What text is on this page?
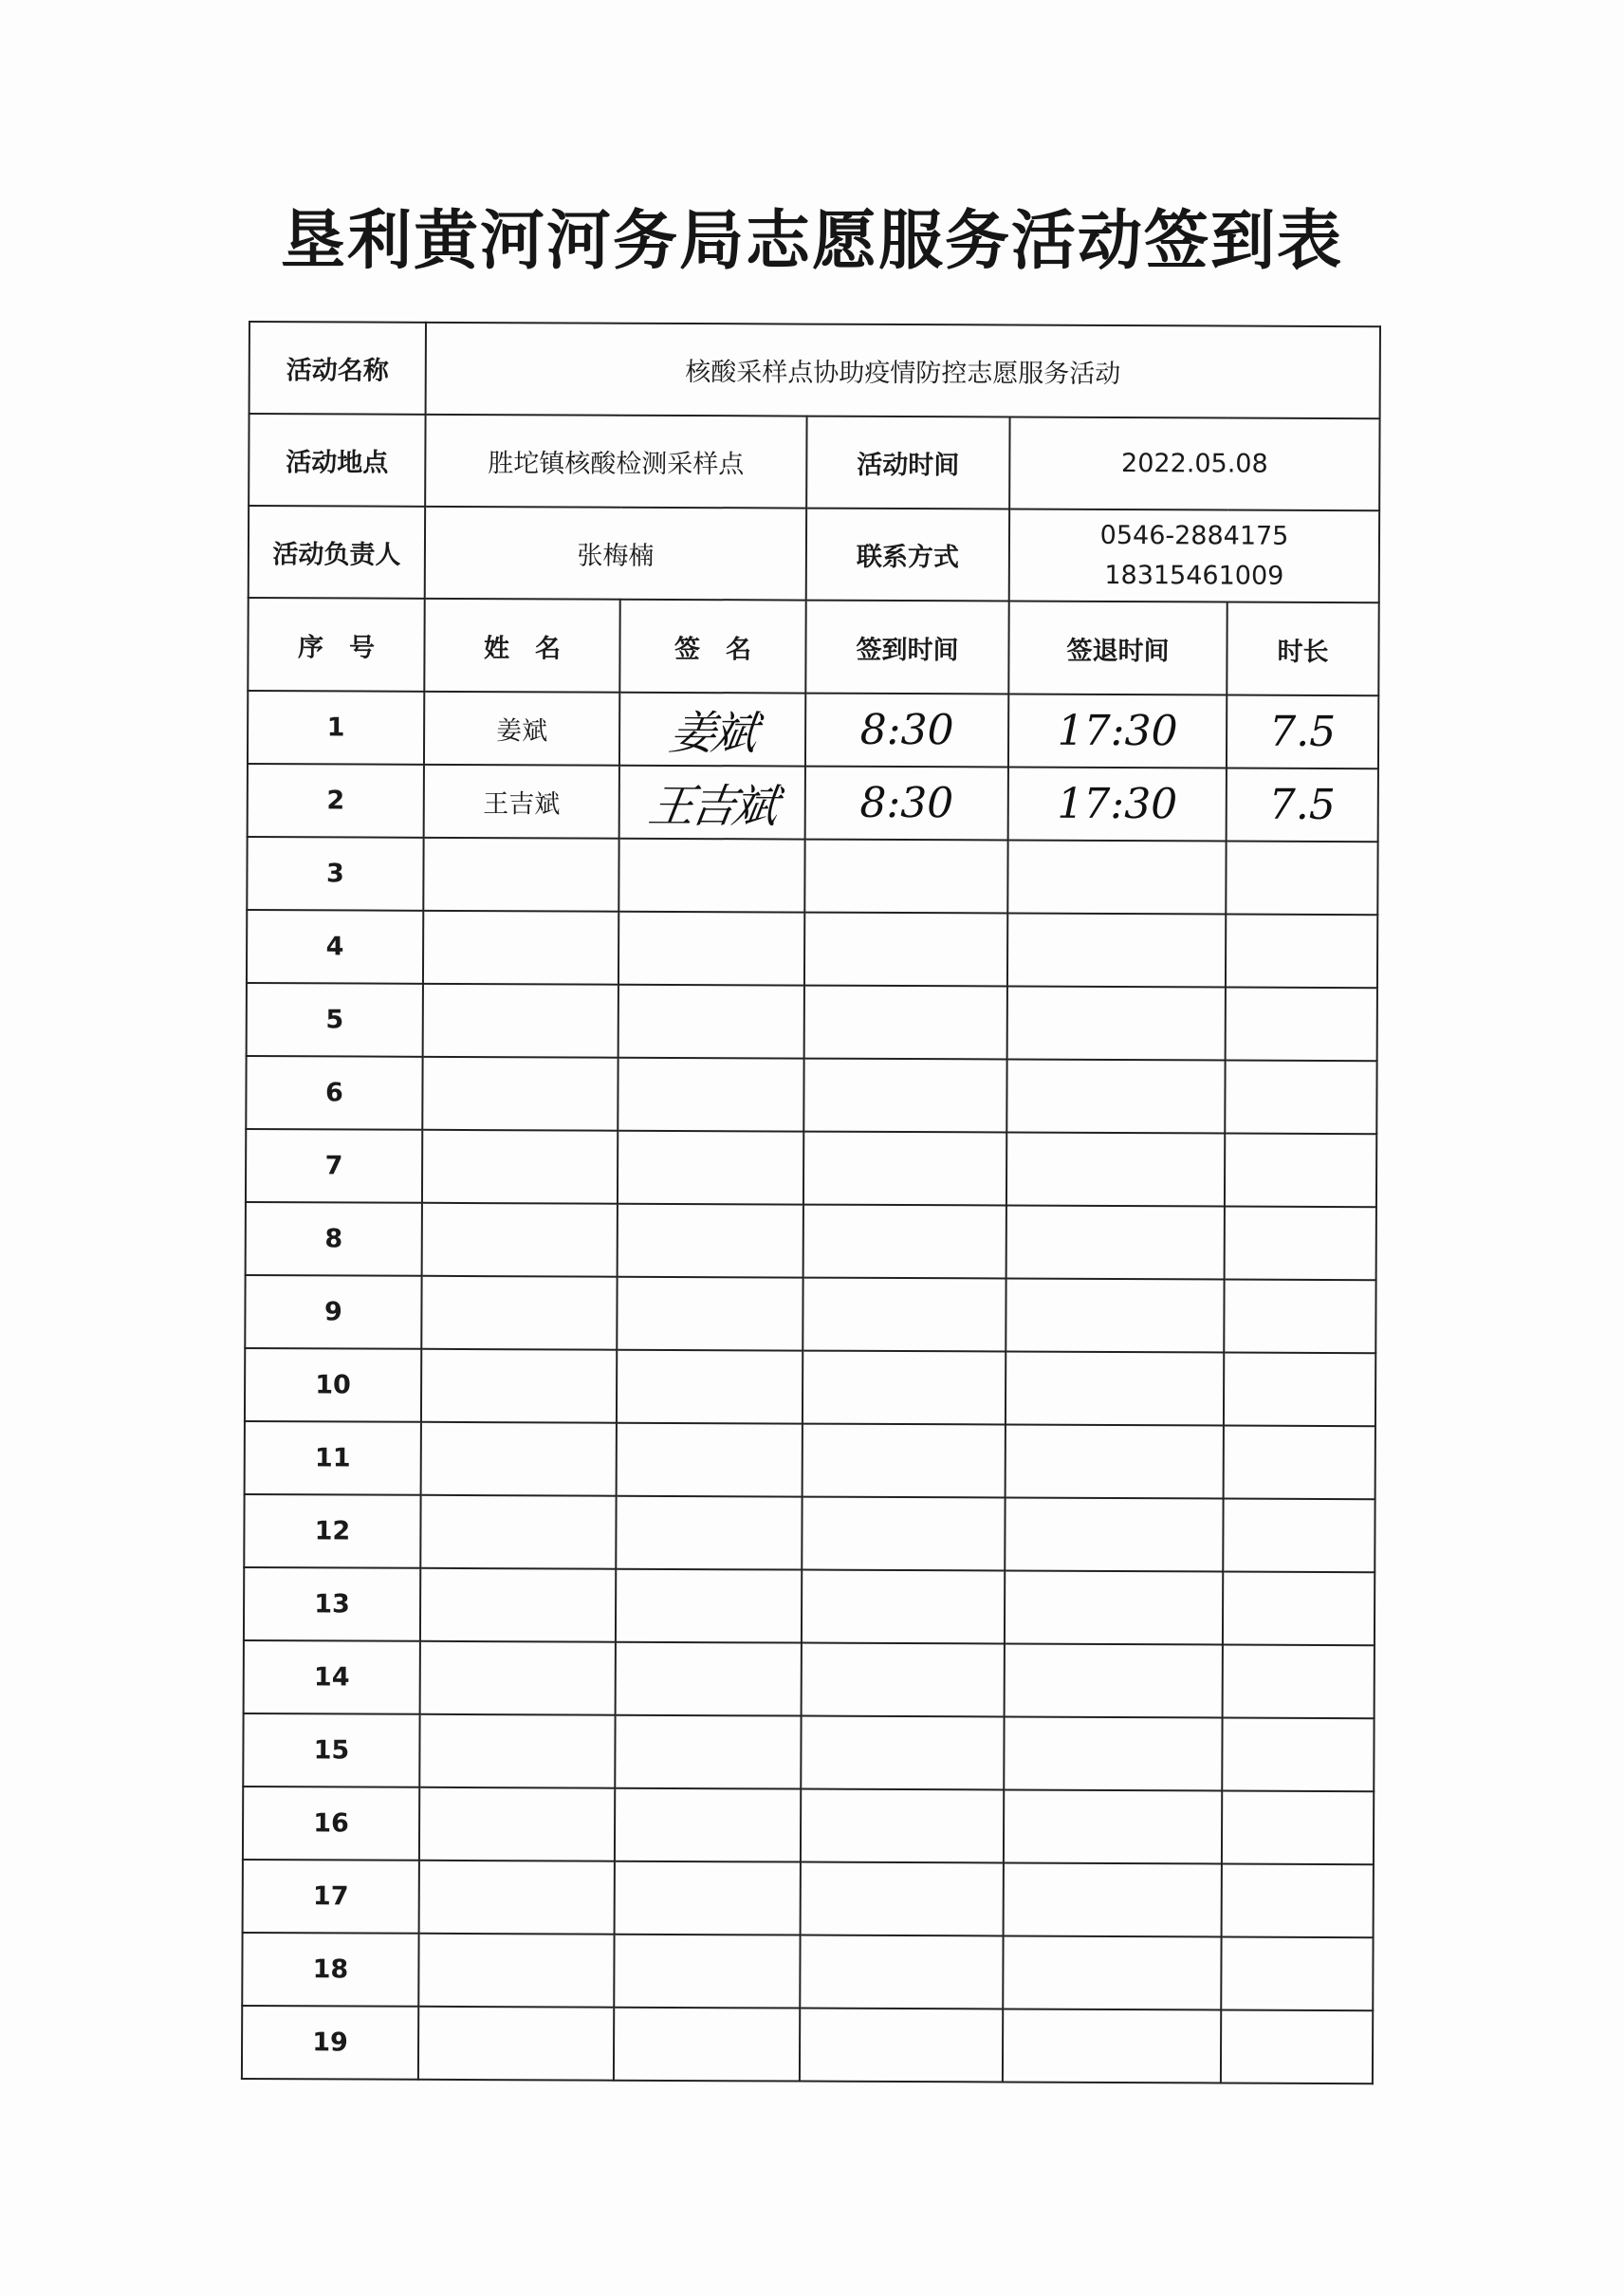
垦利黄河河务局志愿服务活动签到表
活动名称	核酸采样点协助疫情防控志愿服务活动				
活动地点	胜坨镇核酸检测采样点		活动时间	2022.05.08	
活动负责人	张梅楠		联系方式	0546-2884175
18315461009	

序　号	姓　名	签　名	签到时间	签退时间	时长
1	姜斌	姜斌	8:30	17:30	7.5
2	王吉斌	王吉斌	8:30	17:30	7.5
3					
4					
5					
6					
7					
8					
9					
10					
11					
12					
13					
14					
15					
16					
17					
18					
19					
